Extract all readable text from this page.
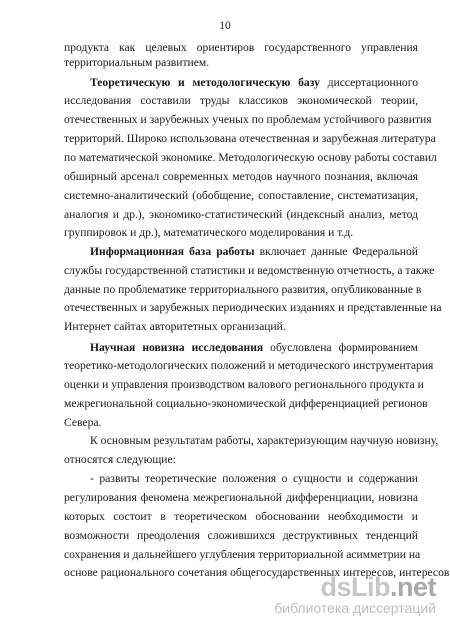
10
продукта как целевых ориентиров государственного управления
территориальным развитием.
Теоретическую и методологическую базу диссертационного
исследования составили труды классиков экономической теории,
отечественных и зарубежных ученых по проблемам устойчивого развития
территорий. Широко использована отечественная и зарубежная литература
по математической экономике. Методологическую основу работы составил
обширный арсенал современных методов научного познания, включая
системно-аналитический (обобщение, сопоставление, систематизация,
аналогия и др.), экономико-статистический (индексный анализ, метод
группировок и др.), математического моделирования и т.д.
Информационная база работы включает данные Федеральной
службы государственной статистики и ведомственную отчетность, а также
данные по проблематике территориального развития, опубликованные в
отечественных и зарубежных периодических изданиях и представленные на
Интернет сайтах авторитетных организаций.
Научная новизна исследования обусловлена формированием
теоретико-методологических положений и методического инструментария
оценки и управления производством валового регионального продукта и
межрегиональной социально-экономической дифференциацией регионов
Севера.
К основным результатам работы, характеризующим научную новизну,
относятся следующие:
- развиты теоретические положения о сущности и содержании
регулирования феномена межрегиональной дифференциации, новизна
которых состоит в теоретическом обосновании необходимости и
возможности преодоления сложившихся деструктивных тенденций
сохранения и дальнейшего углубления территориальной асимметрии на
основе рационального сочетания общегосударственных интересов, интересов
dsLib.net
библиотека диссертаций
